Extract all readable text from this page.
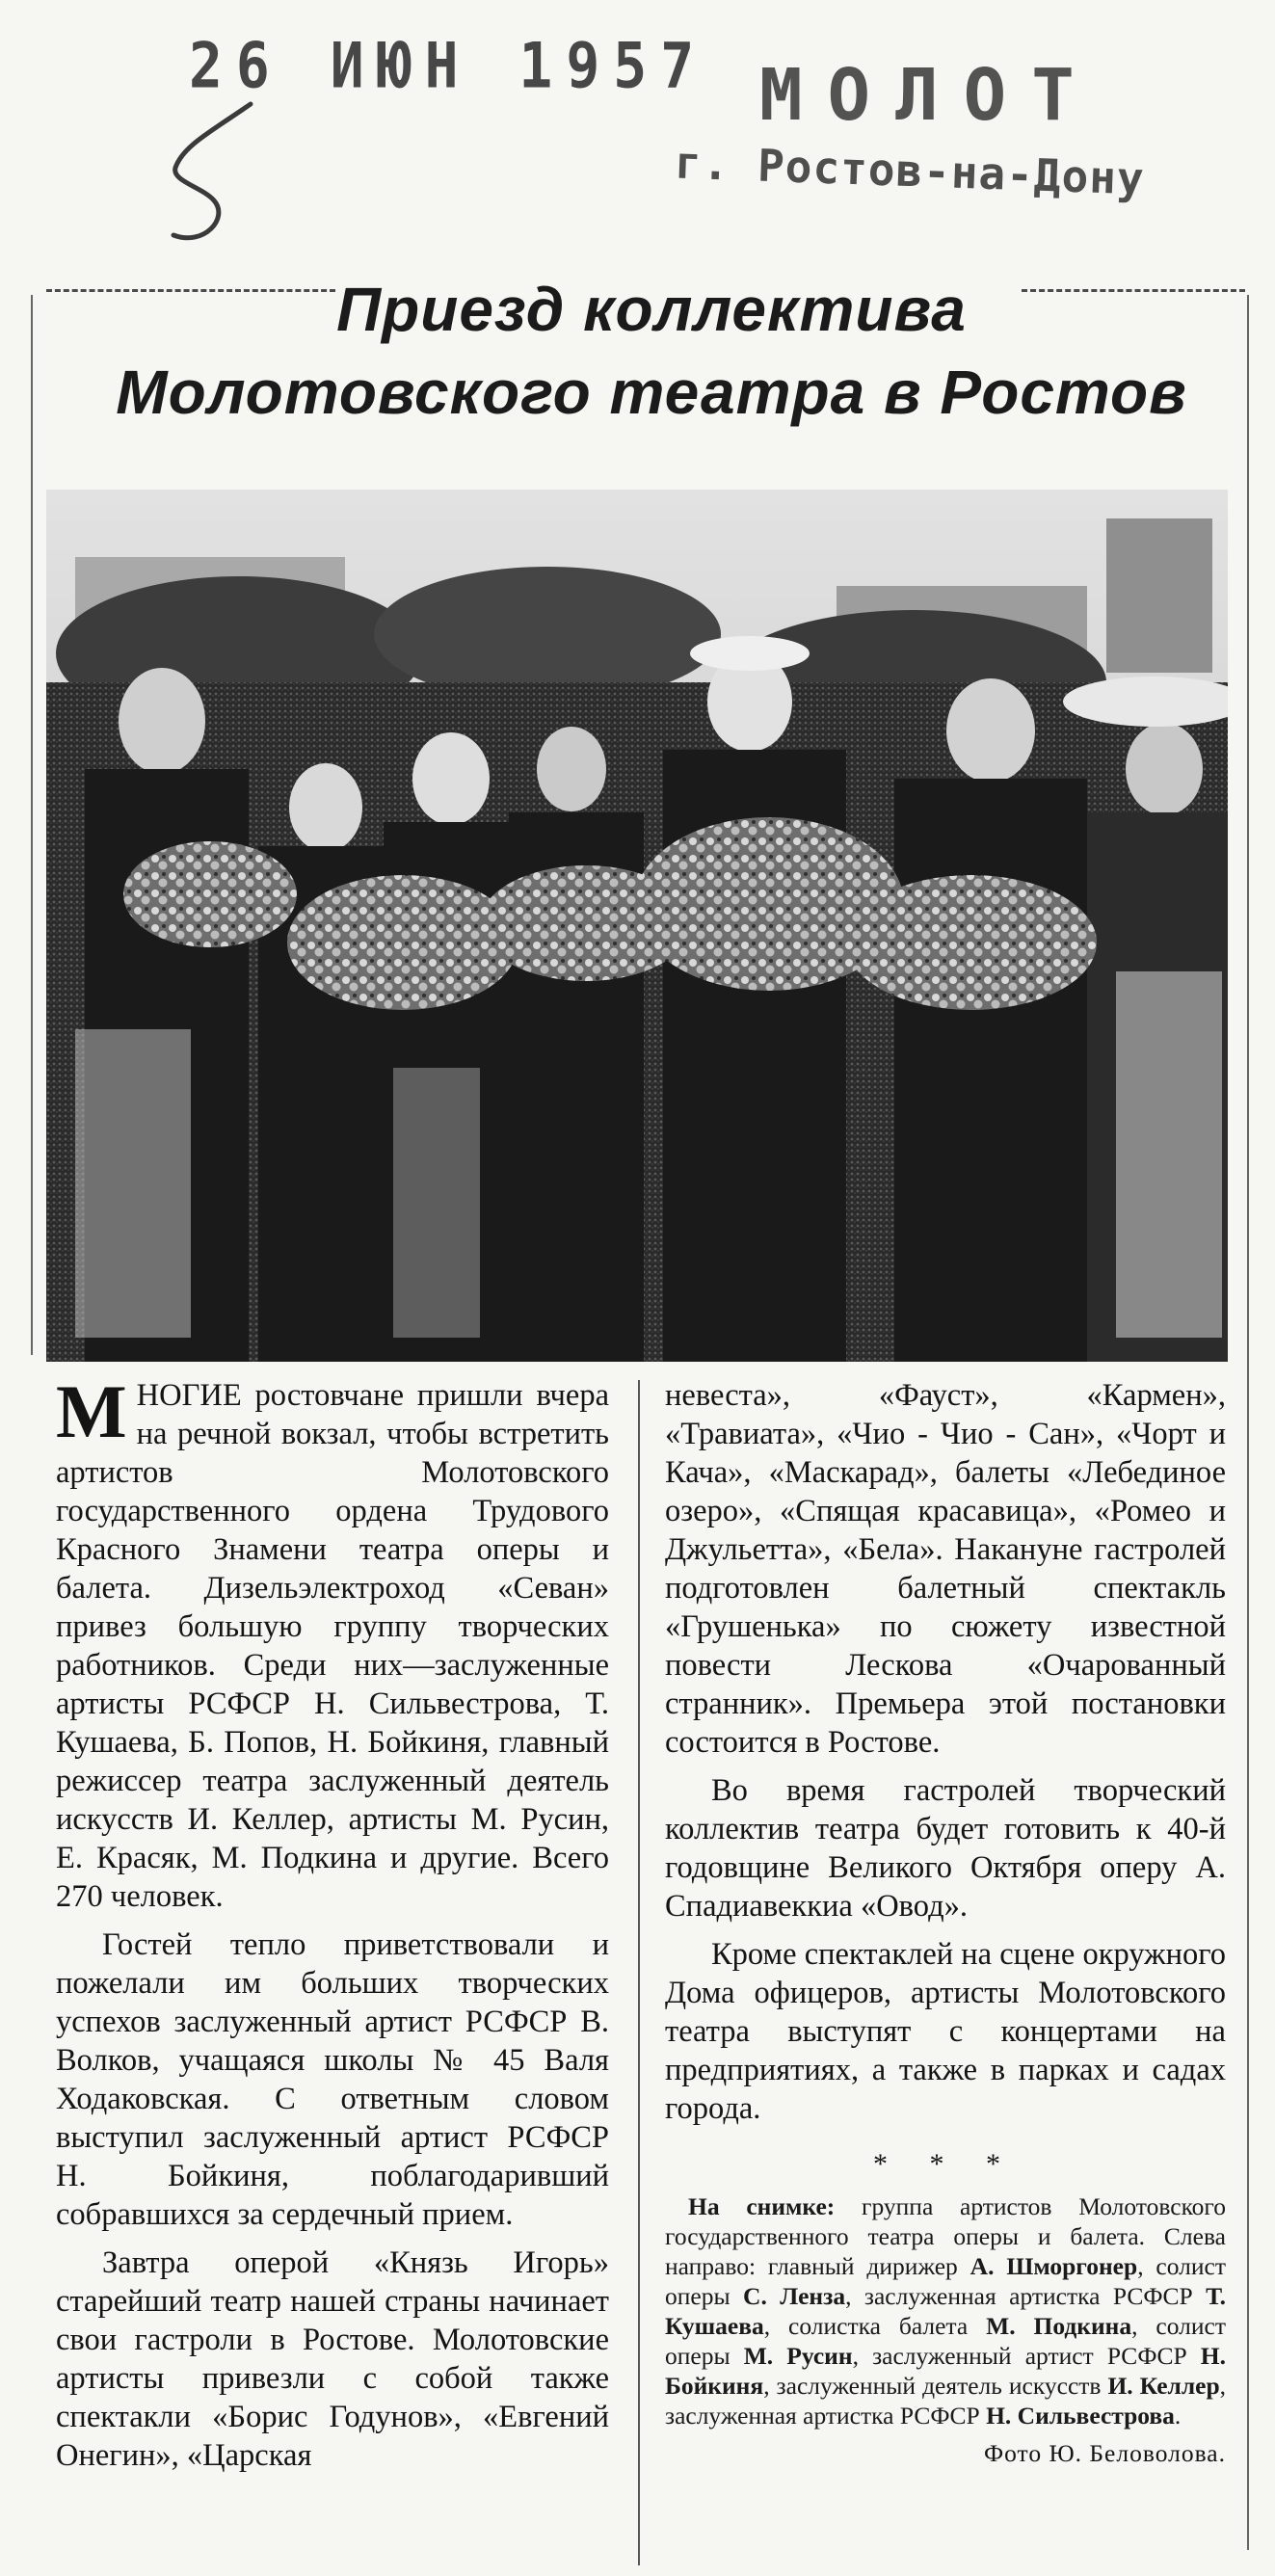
26 ИЮН 1957 МОЛОТ
г. Ростов-на-Дону
Приезд коллектива
Молотовского театра в Ростов

МНОГИЕ ростовчане пришли вчера на речной вокзал, чтобы встретить артистов Молотовского государственного ордена Трудового Красного Знамени театра оперы и балета. Дизельэлектроход «Севан» привез большую группу творческих работников. Среди них—заслуженные артисты РСФСР Н. Сильвестрова, Т. Кушаева, Б. Попов, Н. Бойкиня, главный режиссер театра заслуженный деятель искусств И. Келлер, артисты М. Русин, Е. Красяк, М. Подкина и другие. Всего 270 человек.

Гостей тепло приветствовали и пожелали им больших творческих успехов заслуженный артист РСФСР В. Волков, учащаяся школы № 45 Валя Ходаковская. С ответным словом выступил заслуженный артист РСФСР Н. Бойкиня, поблагодаривший собравшихся за сердечный прием.

Завтра оперой «Князь Игорь» старейший театр нашей страны начинает свои гастроли в Ростове. Молотовские артисты привезли с собой также спектакли «Борис Годунов», «Евгений Онегин», «Царская

невеста», «Фауст», «Кармен», «Травиата», «Чио - Чио - Сан», «Чорт и Кача», «Маскарад», балеты «Лебединое озеро», «Спящая красавица», «Ромео и Джульетта», «Бела». Накануне гастролей подготовлен балетный спектакль «Грушенька» по сюжету известной повести Лескова «Очарованный странник». Премьера этой постановки состоится в Ростове.

Во время гастролей творческий коллектив театра будет готовить к 40-й годовщине Великого Октября оперу А. Спадиавеккиа «Овод».

Кроме спектаклей на сцене окружного Дома офицеров, артисты Молотовского театра выступят с концертами на предприятиях, а также в парках и садах города.

* * *
На снимке: группа артистов Молотовского государственного театра оперы и балета. Слева направо: главный дирижер А. Шморгонер, солист оперы С. Ленза, заслуженная артистка РСФСР Т. Кушаева, солистка балета М. Подкина, солист оперы М. Русин, заслуженный артист РСФСР Н. Бойкиня, заслуженный деятель искусств И. Келлер, заслуженная артистка РСФСР Н. Сильвестрова.
Фото Ю. Беловолова.
